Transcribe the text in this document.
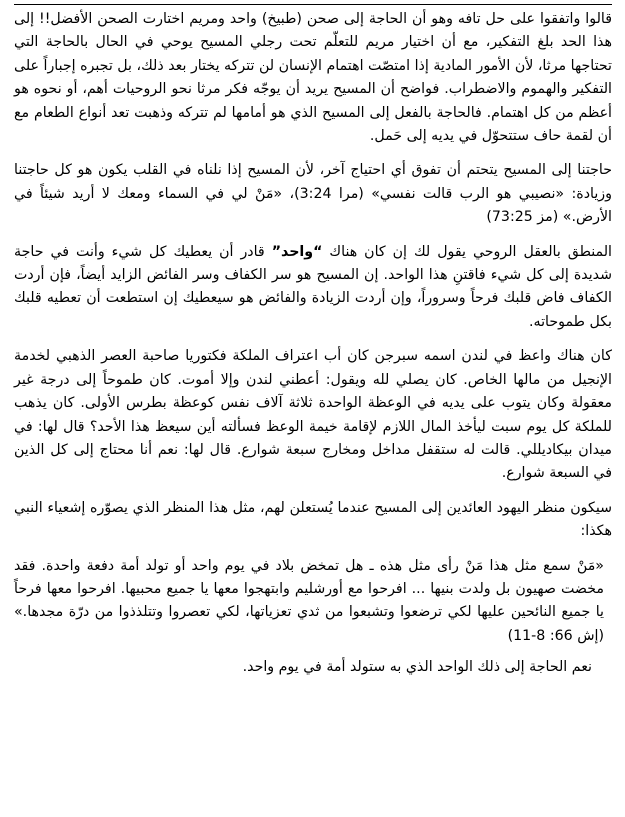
قالوا واتفقوا على حل تافه وهو أن الحاجة إلى صحن (طبيخ) واحد ومريم اختارت الصحن الأفضل!! إلى هذا الحد بلغ التفكير، مع أن اختيار مريم للتعلّم تحت رجلي المسيح يوحي في الحال بالحاجة التي تحتاجها مرثا، لأن الأمور المادية إذا امتصّت اهتمام الإنسان لن تتركه يختار بعد ذلك، بل تجبره إجباراً على التفكير والهموم والاضطراب. فواضح أن المسيح يريد أن يوجّه فكر مرثا نحو الروحيات أهم، أو نحوه هو أعظم من كل اهتمام. فالحاجة بالفعل إلى المسيح الذي هو أمامها لم تتركه وذهبت تعد أنواع الطعام مع أن لقمة حاف ستتحوّل في يديه إلى حَمل.

حاجتنا إلى المسيح يتحتم أن تفوق أي احتياج آخر، لأن المسيح إذا نلناه في القلب يكون هو كل حاجتنا وزيادة: «نصيبي هو الرب قالت نفسي» (مرا 3:24)، «مَنْ لي في السماء ومعك لا أريد شيئاً في الأرض.» (مز 73:25)

المنطق بالعقل الروحي يقول لك إن كان هناك “واحد” قادر أن يعطيك كل شيء وأنت في حاجة شديدة إلى كل شيء فاقتنِ هذا الواحد. إن المسيح هو سر الكفاف وسر الفائض الزايد أيضاً، فإن أردت الكفاف فاض قلبك فرحاً وسروراً، وإن أردت الزيادة والفائض هو سيعطيك إن استطعت أن تعطيه قلبك بكل طموحاته.

كان هناك واعظ في لندن اسمه سبرجن كان أب اعتراف الملكة فكتوريا صاحبة العصر الذهبي لخدمة الإنجيل من مالها الخاص. كان يصلي لله ويقول: أعطني لندن وإلا أموت. كان طموحاً إلى درجة غير معقولة وكان يتوب على يديه في الوعظة الواحدة ثلاثة آلاف نفس كوعظة بطرس الأولى. كان يذهب للملكة كل يوم سبت ليأخذ المال اللازم لإقامة خيمة الوعظ فسألته أين سيعظ هذا الأحد؟ قال لها: في ميدان بيكاديللي. قالت له ستقفل مداخل ومخارج سبعة شوارع. قال لها: نعم أنا محتاج إلى كل الذين في السبعة شوارع.

سيكون منظر اليهود العائدين إلى المسيح عندما يُستعلن لهم، مثل هذا المنظر الذي يصوّره إشعياء النبي هكذا:

«مَنْ سمع مثل هذا مَنْ رأى مثل هذه ـ هل تمخض بلاد في يوم واحد أو تولد أمة دفعة واحدة. فقد مخضت صهيون بل ولدت بنيها ... افرحوا مع أورشليم وابتهجوا معها يا جميع محبيها. افرحوا معها فرحاً يا جميع النائحين عليها لكي ترضعوا وتشبعوا من ثدي تعزياتها، لكي تعصروا وتتلذذوا من درّة مجدها.» (إش 66: 8-11)

نعم الحاجة إلى ذلك الواحد الذي به ستولد أمة في يوم واحد.
